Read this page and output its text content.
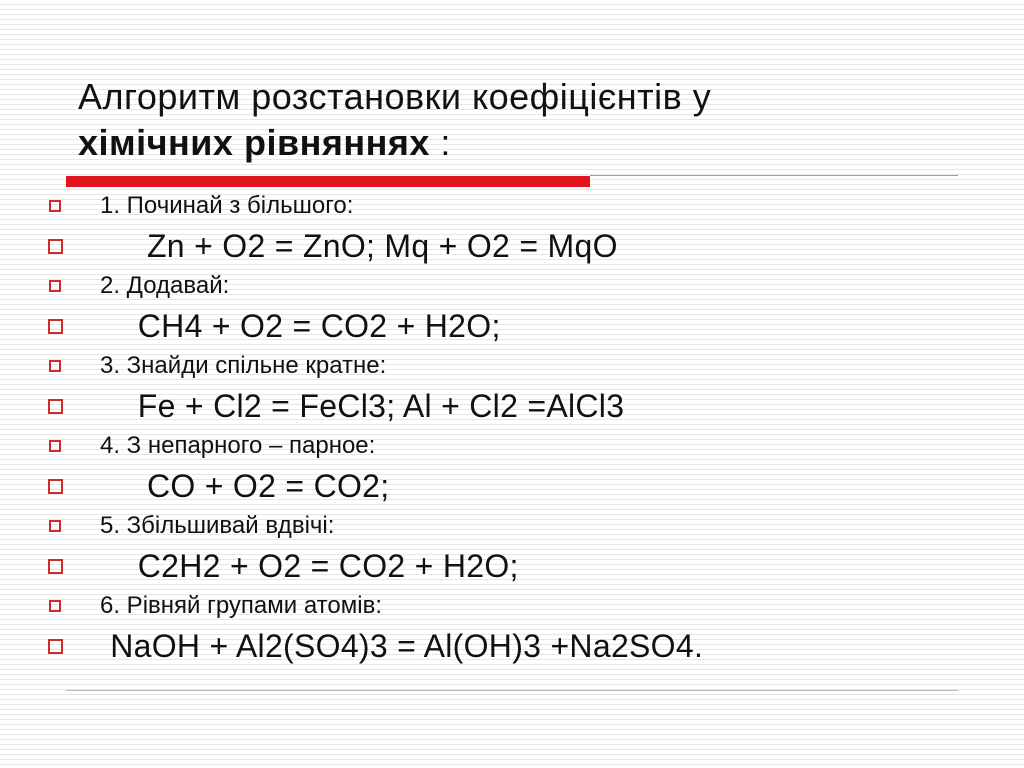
Алгоритм розстановки коефіцієнтів у
хімічних рівняннях :
1. Починай з більшого:
Zn + O2 = ZnO; Mq + O2 = MqO
2. Додавай:
CH4 + O2 = CO2 + H2O;
3. Знайди спільне кратне:
Fe + Cl2 = FeCl3; Al + Cl2 =AlCl3
4. З непарного – парное:
CO + O2 = CO2;
5. Збільшивай вдвічі:
C2H2 + O2 = CO2 + H2O;
6. Рівняй групами атомів:
NaOH + Al2(SO4)3 = Al(OH)3 +Na2SO4.
